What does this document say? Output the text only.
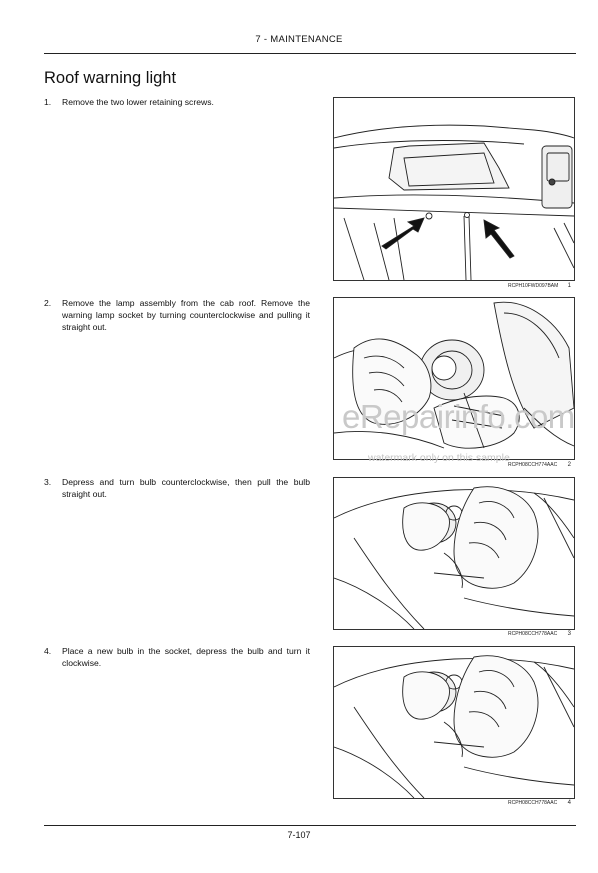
7 - MAINTENANCE
Roof warning light
1. Remove the two lower retaining screws.
RCPH10FWD097BAM 1
2. Remove the lamp assembly from the cab roof. Remove the warning lamp socket by turning counterclockwise and pulling it straight out.
RCPH08CCH774AAC 2
3. Depress and turn bulb counterclockwise, then pull the bulb straight out.
RCPH08CCH778AAC 3
4. Place a new bulb in the socket, depress the bulb and turn it clockwise.
RCPH08CCH778AAC 4
eRepairinfo.com
watermark only on this sample
7-107
